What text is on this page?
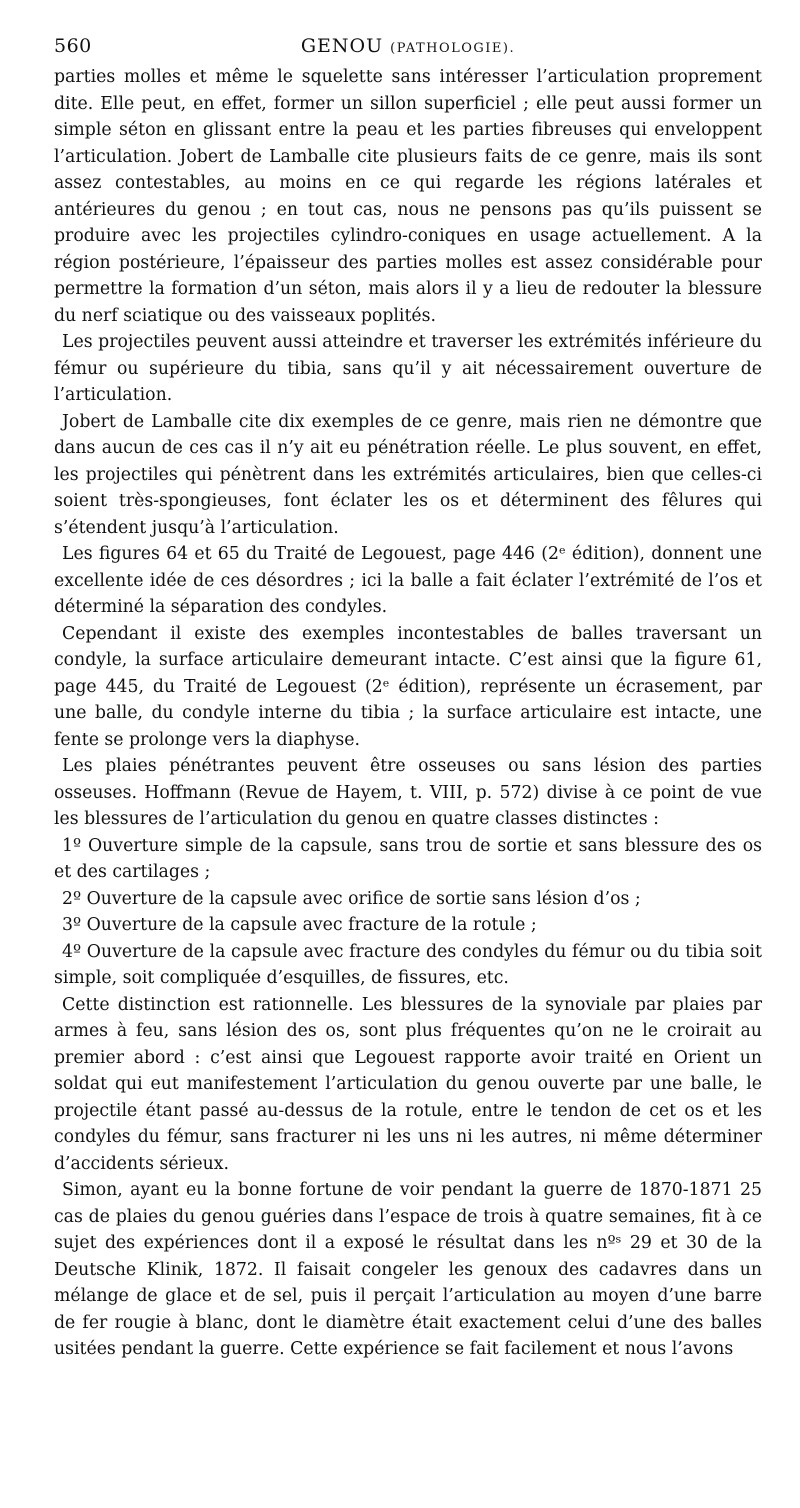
560	GENOU (PATHOLOGIE).

parties molles et même le squelette sans intéresser l’articulation proprement dite. Elle peut, en effet, former un sillon superficiel ; elle peut aussi former un simple séton en glissant entre la peau et les parties fibreuses qui enveloppent l’articulation. Jobert de Lamballe cite plusieurs faits de ce genre, mais ils sont assez contestables, au moins en ce qui regarde les régions latérales et antérieures du genou ; en tout cas, nous ne pensons pas qu’ils puissent se produire avec les projectiles cylindro-coniques en usage actuellement. A la région postérieure, l’épaisseur des parties molles est assez considérable pour permettre la formation d’un séton, mais alors il y a lieu de redouter la blessure du nerf sciatique ou des vaisseaux poplités.

Les projectiles peuvent aussi atteindre et traverser les extrémités inférieure du fémur ou supérieure du tibia, sans qu’il y ait nécessairement ouverture de l’articulation.

Jobert de Lamballe cite dix exemples de ce genre, mais rien ne démontre que dans aucun de ces cas il n’y ait eu pénétration réelle. Le plus souvent, en effet, les projectiles qui pénètrent dans les extrémités articulaires, bien que celles-ci soient très-spongieuses, font éclater les os et déterminent des fêlures qui s’étendent jusqu’à l’articulation.

Les figures 64 et 65 du Traité de Legouest, page 446 (2ᵉ édition), donnent une excellente idée de ces désordres ; ici la balle a fait éclater l’extrémité de l’os et déterminé la séparation des condyles.

Cependant il existe des exemples incontestables de balles traversant un condyle, la surface articulaire demeurant intacte. C’est ainsi que la figure 61, page 445, du Traité de Legouest (2ᵉ édition), représente un écrasement, par une balle, du condyle interne du tibia ; la surface articulaire est intacte, une fente se prolonge vers la diaphyse.

Les plaies pénétrantes peuvent être osseuses ou sans lésion des parties osseuses. Hoffmann (Revue de Hayem, t. VIII, p. 572) divise à ce point de vue les blessures de l’articulation du genou en quatre classes distinctes :

1º Ouverture simple de la capsule, sans trou de sortie et sans blessure des os et des cartilages ;

2º Ouverture de la capsule avec orifice de sortie sans lésion d’os ;

3º Ouverture de la capsule avec fracture de la rotule ;

4º Ouverture de la capsule avec fracture des condyles du fémur ou du tibia soit simple, soit compliquée d’esquilles, de fissures, etc.

Cette distinction est rationnelle. Les blessures de la synoviale par plaies par armes à feu, sans lésion des os, sont plus fréquentes qu’on ne le croirait au premier abord : c’est ainsi que Legouest rapporte avoir traité en Orient un soldat qui eut manifestement l’articulation du genou ouverte par une balle, le projectile étant passé au-dessus de la rotule, entre le tendon de cet os et les condyles du fémur, sans fracturer ni les uns ni les autres, ni même déterminer d’accidents sérieux.

Simon, ayant eu la bonne fortune de voir pendant la guerre de 1870-1871 25 cas de plaies du genou guéries dans l’espace de trois à quatre semaines, fit à ce sujet des expériences dont il a exposé le résultat dans les nºˢ 29 et 30 de la Deutsche Klinik, 1872. Il faisait congeler les genoux des cadavres dans un mélange de glace et de sel, puis il perçait l’articulation au moyen d’une barre de fer rougie à blanc, dont le diamètre était exactement celui d’une des balles usitées pendant la guerre. Cette expérience se fait facilement et nous l’avons
